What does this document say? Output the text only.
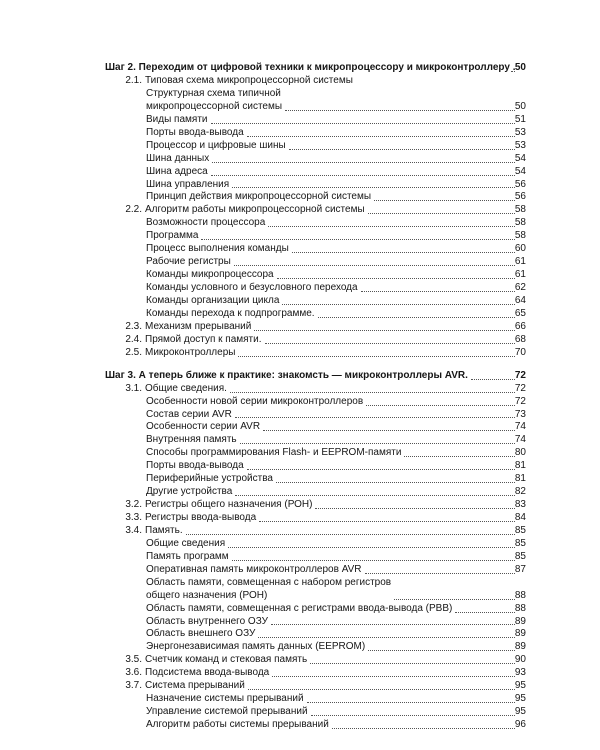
Шаг 2. Переходим от цифровой техники к микропроцессору и микроконтроллеру . 50
2.1. Типовая схема микропроцессорной системы
Структурная схема типичной
микропроцессорной системы	50
Виды памяти	51
Порты ввода-вывода	53
Процессор и цифровые шины	53
Шина данных	54
Шина адреса	54
Шина управления	56
Принцип действия микропроцессорной системы	56
2.2. Алгоритм работы микропроцессорной системы	58
Возможности процессора	58
Программа	58
Процесс выполнения команды	60
Рабочие регистры	61
Команды микропроцессора	61
Команды условного и безусловного перехода	62
Команды организации цикла	64
Команды перехода к подпрограмме.	65
2.3. Механизм прерываний	66
2.4. Прямой доступ к памяти.	68
2.5. Микроконтроллеры	70
Шаг 3. А теперь ближе к практике: знакомсть — микроконтроллеры AVR.	72
3.1. Общие сведения.	72
Особенности новой серии микроконтроллеров	72
Состав серии AVR	73
Особенности серии AVR	74
Внутренняя память	74
Способы программирования Flash- и EEPROM-памяти	80
Порты ввода-вывода	81
Периферийные устройства	81
Другие устройства	82
3.2. Регистры общего назначения (РОН)	83
3.3. Регистры ввода-вывода	84
3.4. Память.	85
Общие сведения	85
Память программ	85
Оперативная память микроконтроллеров AVR	87
Область памяти, совмещенная с набором регистров
общего назначения (РОН)	88
Область памяти, совмещенная с регистрами ввода-вывода (РВВ)	88
Область внутреннего ОЗУ	89
Область внешнего ОЗУ	89
Энергонезависимая память данных (EEPROM)	89
3.5. Счетчик команд и стековая память	90
3.6. Подсистема ввода-вывода	93
3.7. Система прерываний	95
Назначение системы прерываний	95
Управление системой прерываний	95
Алгоритм работы системы прерываний	96
